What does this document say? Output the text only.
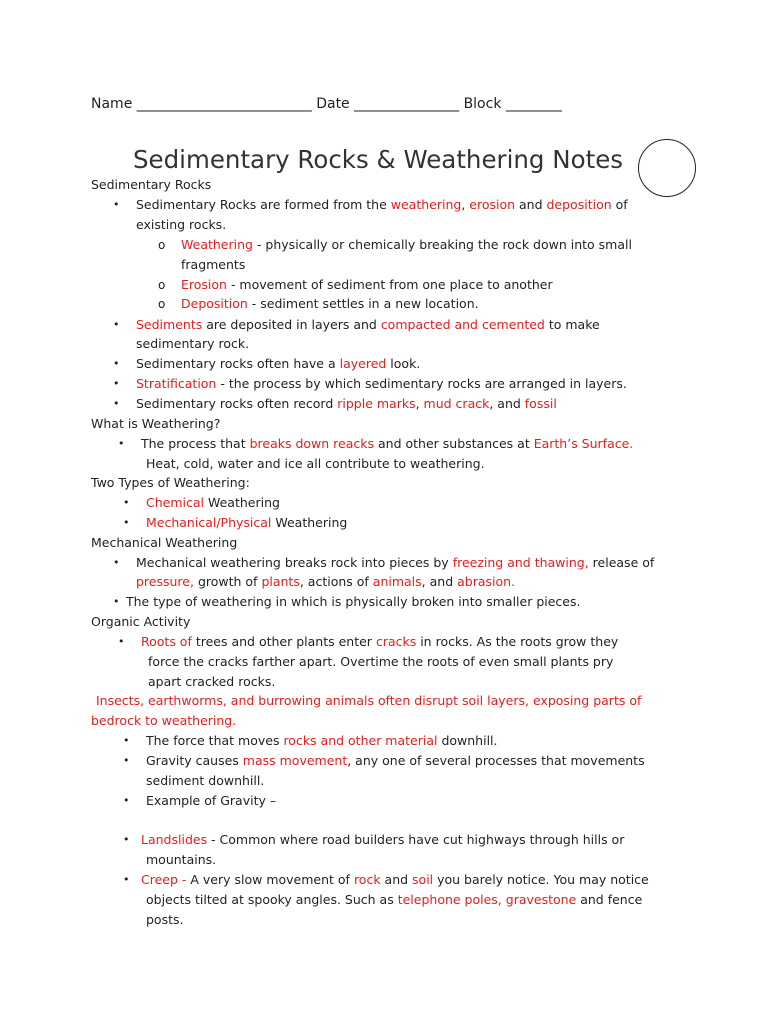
Name _________________________ Date _______________ Block ________
Sedimentary Rocks & Weathering Notes
Sedimentary Rocks
• Sedimentary Rocks are formed from the weathering, erosion and deposition of
existing rocks.
o Weathering - physically or chemically breaking the rock down into small
fragments
o Erosion - movement of sediment from one place to another
o Deposition - sediment settles in a new location.
• Sediments are deposited in layers and compacted and cemented to make
sedimentary rock.
• Sedimentary rocks often have a layered look.
• Stratification - the process by which sedimentary rocks are arranged in layers.
• Sedimentary rocks often record ripple marks, mud crack, and fossil
What is Weathering?
• The process that breaks down reacks and other substances at Earth’s Surface.
Heat, cold, water and ice all contribute to weathering.
Two Types of Weathering:
• Chemical Weathering
• Mechanical/Physical Weathering
Mechanical Weathering
• Mechanical weathering breaks rock into pieces by freezing and thawing, release of
pressure, growth of plants, actions of animals, and abrasion.
• The type of weathering in which is physically broken into smaller pieces.
Organic Activity
• Roots of trees and other plants enter cracks in rocks. As the roots grow they
force the cracks farther apart. Overtime the roots of even small plants pry
apart cracked rocks.
Insects, earthworms, and burrowing animals often disrupt soil layers, exposing parts of
bedrock to weathering.
• The force that moves rocks and other material downhill.
• Gravity causes mass movement, any one of several processes that movements
sediment downhill.
• Example of Gravity –
• Landslides - Common where road builders have cut highways through hills or
mountains.
• Creep - A very slow movement of rock and soil you barely notice. You may notice
objects tilted at spooky angles. Such as telephone poles, gravestone and fence
posts.
